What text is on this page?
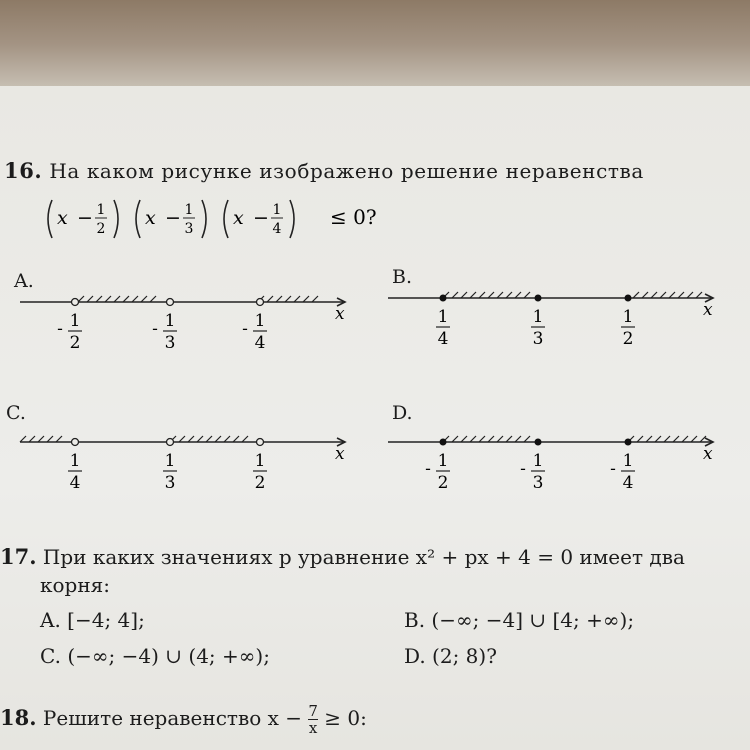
16. На каком рисунке изображено решение неравенства
x − 1
2 x − 1
3 x − 1
4 ≤ 0?
A.	B.
C.	D.
x
- 1
2
- 1
3
- 1
4
x
1
4
1
3
1
2
x
1
4
1
3
1
2
x
- 1
2
- 1
3
- 1
4
17. При каких значениях p уравнение x² + px + 4 = 0 имеет два
корня:
A. [−4; 4];	B. (−∞; −4] ∪ [4; +∞);
C. (−∞; −4) ∪ (4; +∞);	D. (2; 8)?
18. Решите неравенство $x - \frac{7}{x} \ge 0$:
